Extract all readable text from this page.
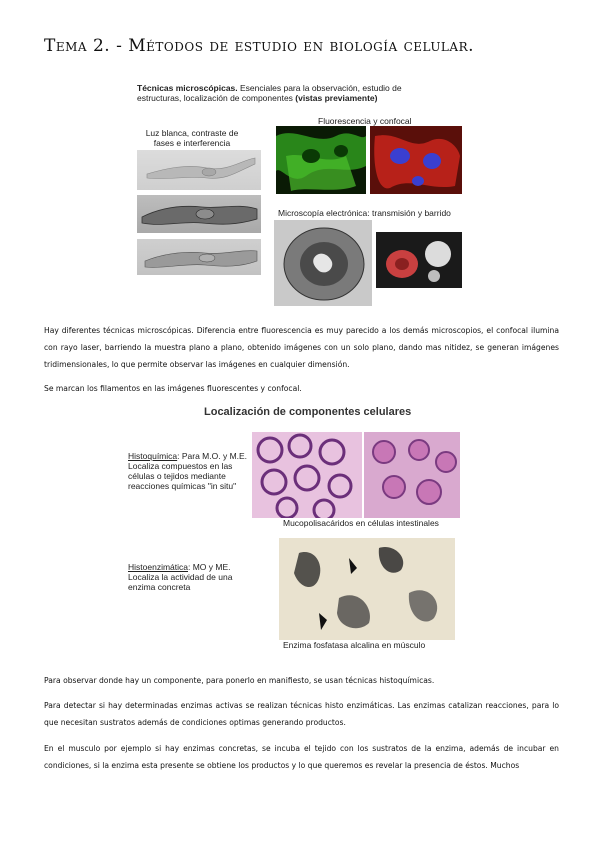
Tema 2. - Métodos de estudio en biología celular.
Técnicas microscópicas. Esenciales para la observación, estudio de estructuras, localización de componentes (vistas previamente)
Luz blanca, contraste de fases e interferencia
Fluorescencia y confocal
Microscopía electrónica: transmisión y barrido
Hay diferentes técnicas microscópicas. Diferencia entre fluorescencia es muy parecido a los demás microscopios, el confocal ilumina con rayo laser, barriendo la muestra plano a plano, obtenido imágenes con un solo plano, dando mas nitidez, se generan imágenes tridimensionales, lo que permite observar las imágenes en cualquier dimensión.
Se marcan los filamentos en las imágenes fluorescentes y confocal.
Localización de componentes celulares
Histoquímica: Para M.O. y M.E. Localiza compuestos en las células o tejidos mediante reacciones químicas "in situ"
Mucopolisacáridos en células intestinales
Histoenzimática: MO y ME. Localiza la actividad de una enzima concreta
Enzima fosfatasa alcalina en músculo
Para observar donde hay un componente, para ponerlo en manifiesto, se usan técnicas histoquímicas.
Para detectar si hay determinadas enzimas activas se realizan técnicas histo enzimáticas. Las enzimas catalizan reacciones, para lo que necesitan sustratos además de condiciones optimas generando productos.
En el musculo por ejemplo si hay enzimas concretas, se incuba el tejido con los sustratos de la enzima, además de incubar en condiciones, si la enzima esta presente se obtiene los productos y lo que queremos es revelar la presencia de éstos. Muchos
